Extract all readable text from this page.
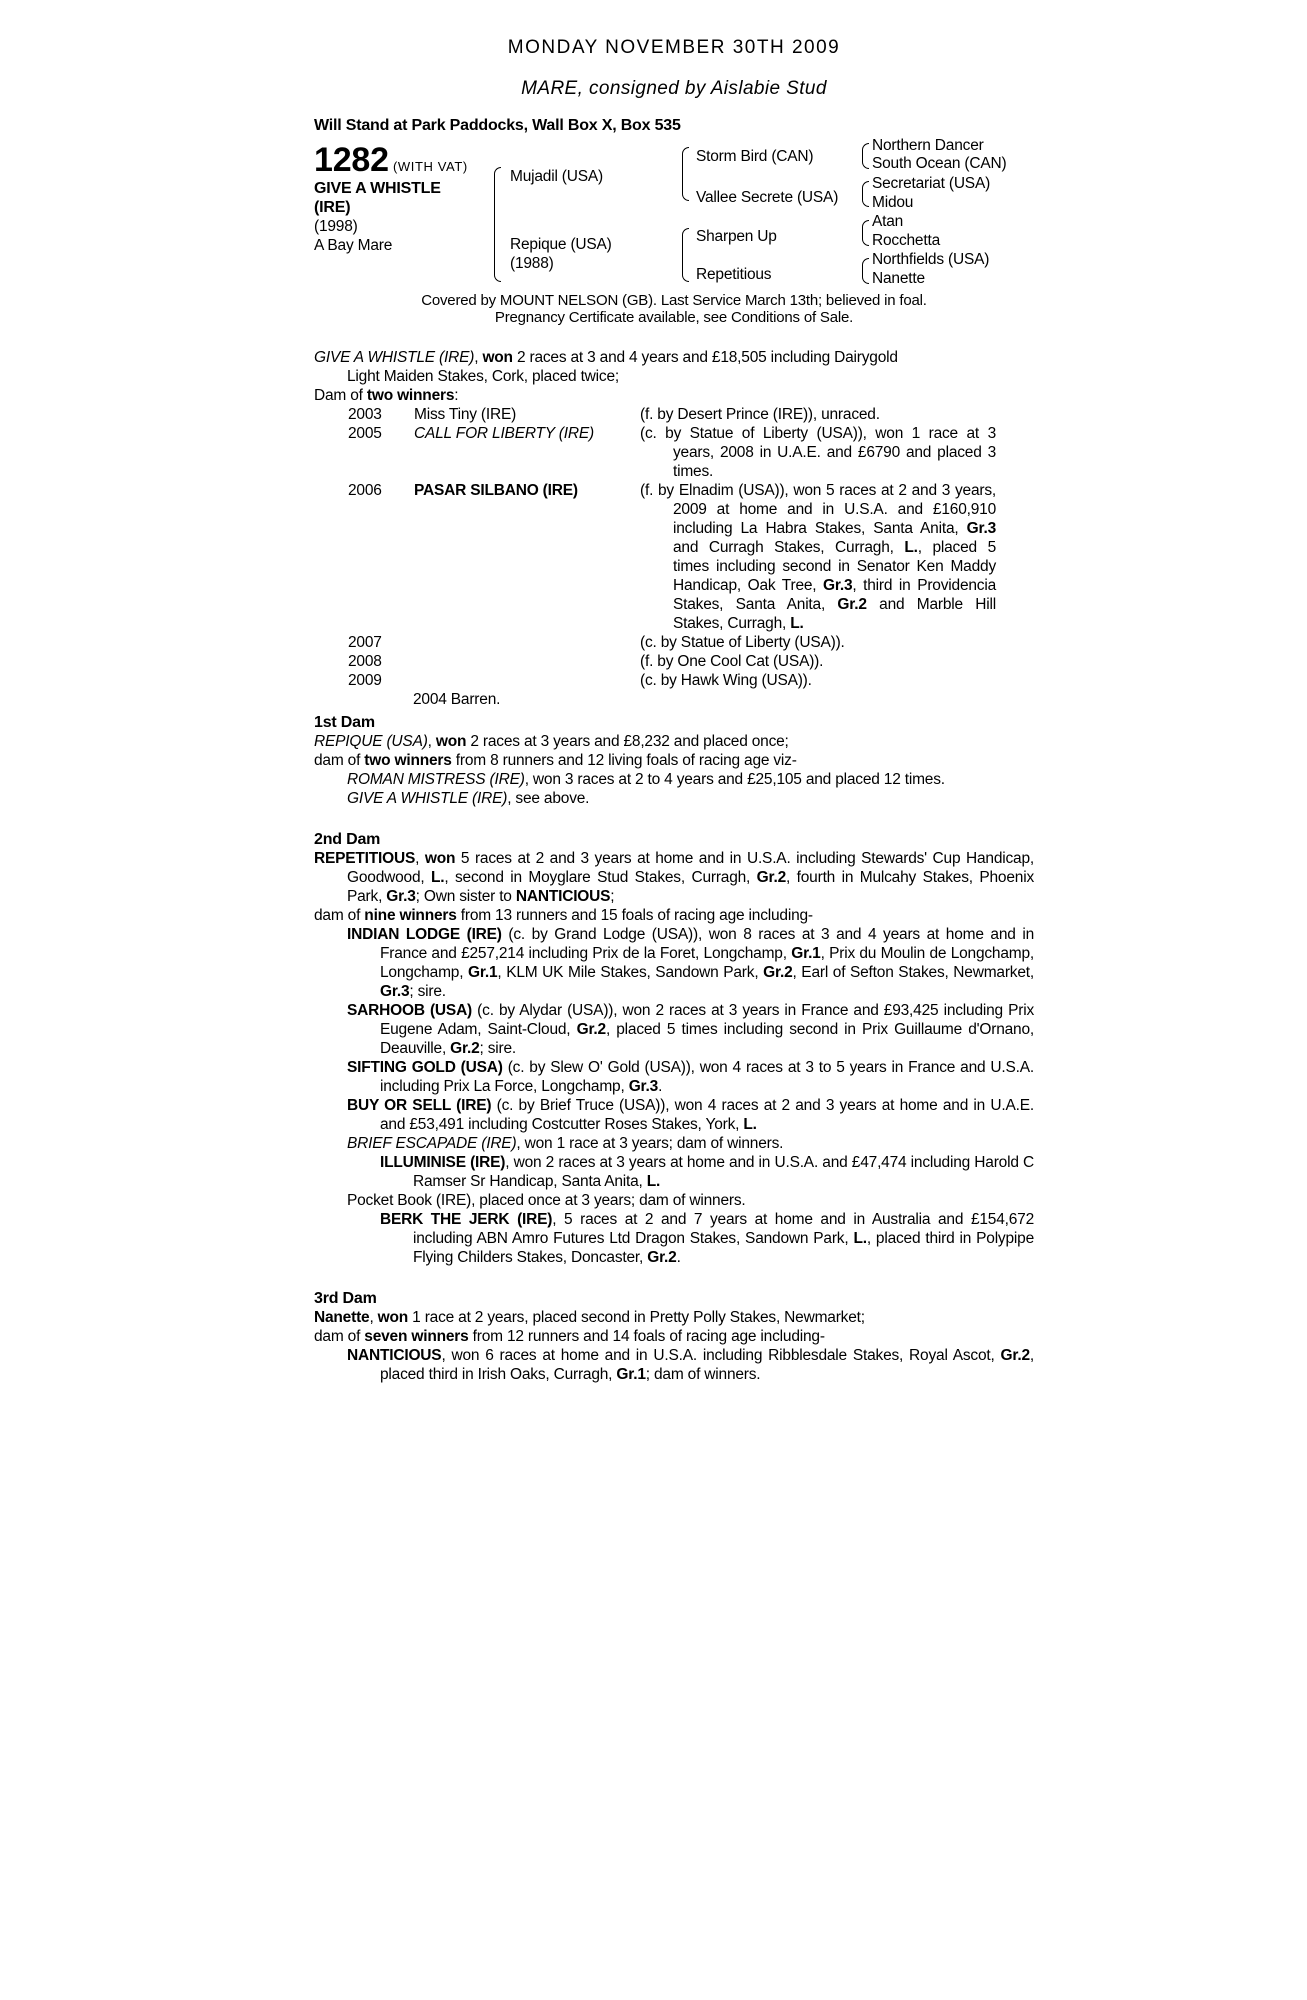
MONDAY NOVEMBER 30TH 2009
MARE, consigned by Aislabie Stud
Will Stand at Park Paddocks, Wall Box X, Box 535
1282 (WITH VAT)
GIVE A WHISTLE
(IRE)
(1998)
A Bay Mare
Mujadil (USA)
Repique (USA)
(1988)
Storm Bird (CAN)
Vallee Secrete (USA)
Sharpen Up
Repetitious
Northern Dancer
South Ocean (CAN)
Secretariat (USA)
Midou
Atan
Rocchetta
Northfields (USA)
Nanette
Covered by MOUNT NELSON (GB). Last Service March 13th; believed in foal.
Pregnancy Certificate available, see Conditions of Sale.
GIVE A WHISTLE (IRE), won 2 races at 3 and 4 years and £18,505 including Dairygold
Light Maiden Stakes, Cork, placed twice;
Dam of two winners:
2003	Miss Tiny (IRE)	(f. by Desert Prince (IRE)), unraced.

2005	CALL FOR LIBERTY (IRE)	(c. by Statue of Liberty (USA)), won 1 race at 3 years, 2008 in U.A.E. and £6790 and placed 3 times.

2006	PASAR SILBANO (IRE)	(f. by Elnadim (USA)), won 5 races at 2 and 3 years, 2009 at home and in U.S.A. and £160,910 including La Habra Stakes, Santa Anita, Gr.3 and Curragh Stakes, Curragh, L., placed 5 times including second in Senator Ken Maddy Handicap, Oak Tree, Gr.3, third in Providencia Stakes, Santa Anita, Gr.2 and Marble Hill Stakes, Curragh, L.

2007		(c. by Statue of Liberty (USA)).

2008		(f. by One Cool Cat (USA)).

2009		(c. by Hawk Wing (USA)).
2004 Barren.
1st Dam
REPIQUE (USA), won 2 races at 3 years and £8,232 and placed once;
dam of two winners from 8 runners and 12 living foals of racing age viz-
ROMAN MISTRESS (IRE), won 3 races at 2 to 4 years and £25,105 and placed 12 times.
GIVE A WHISTLE (IRE), see above.
2nd Dam
REPETITIOUS, won 5 races at 2 and 3 years at home and in U.S.A. including Stewards' Cup Handicap, Goodwood, L., second in Moyglare Stud Stakes, Curragh, Gr.2, fourth in Mulcahy Stakes, Phoenix Park, Gr.3; Own sister to NANTICIOUS;
dam of nine winners from 13 runners and 15 foals of racing age including-
INDIAN LODGE (IRE) (c. by Grand Lodge (USA)), won 8 races at 3 and 4 years at home and in France and £257,214 including Prix de la Foret, Longchamp, Gr.1, Prix du Moulin de Longchamp, Longchamp, Gr.1, KLM UK Mile Stakes, Sandown Park, Gr.2, Earl of Sefton Stakes, Newmarket, Gr.3; sire.
SARHOOB (USA) (c. by Alydar (USA)), won 2 races at 3 years in France and £93,425 including Prix Eugene Adam, Saint-Cloud, Gr.2, placed 5 times including second in Prix Guillaume d'Ornano, Deauville, Gr.2; sire.
SIFTING GOLD (USA) (c. by Slew O' Gold (USA)), won 4 races at 3 to 5 years in France and U.S.A. including Prix La Force, Longchamp, Gr.3.
BUY OR SELL (IRE) (c. by Brief Truce (USA)), won 4 races at 2 and 3 years at home and in U.A.E. and £53,491 including Costcutter Roses Stakes, York, L.
BRIEF ESCAPADE (IRE), won 1 race at 3 years; dam of winners.
ILLUMINISE (IRE), won 2 races at 3 years at home and in U.S.A. and £47,474 including Harold C Ramser Sr Handicap, Santa Anita, L.
Pocket Book (IRE), placed once at 3 years; dam of winners.
BERK THE JERK (IRE), 5 races at 2 and 7 years at home and in Australia and £154,672 including ABN Amro Futures Ltd Dragon Stakes, Sandown Park, L., placed third in Polypipe Flying Childers Stakes, Doncaster, Gr.2.
3rd Dam
Nanette, won 1 race at 2 years, placed second in Pretty Polly Stakes, Newmarket;
dam of seven winners from 12 runners and 14 foals of racing age including-
NANTICIOUS, won 6 races at home and in U.S.A. including Ribblesdale Stakes, Royal Ascot, Gr.2, placed third in Irish Oaks, Curragh, Gr.1; dam of winners.
